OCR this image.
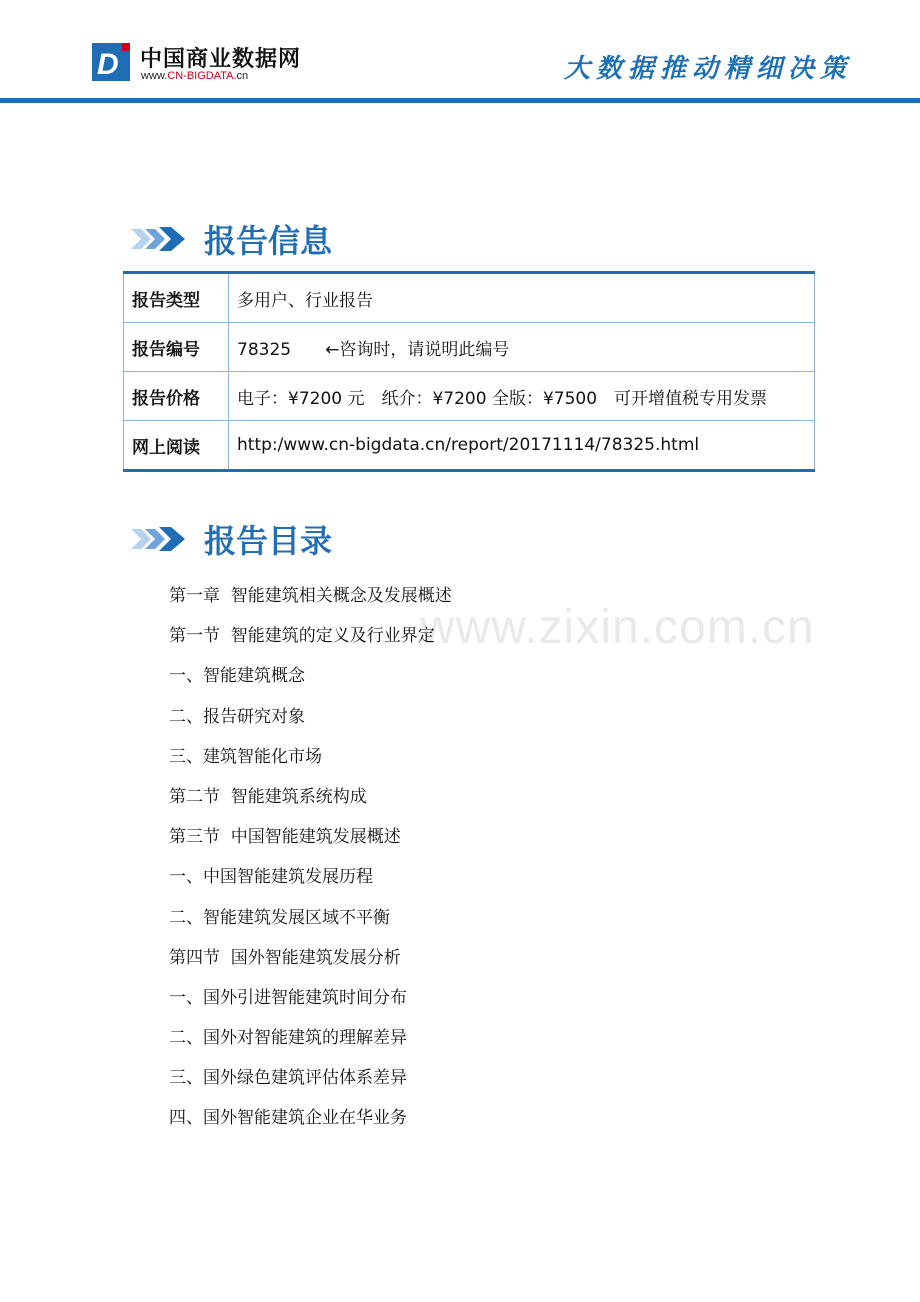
D 中国商业数据网
www.CN-BIGDATA.cn	大数据推动精细决策
www.zixin.com.cn
报告信息
报告类型	多用户、行业报告
报告编号	78325　　←咨询时，请说明此编号
报告价格	电子：¥7200 元　纸介：¥7200 全版：¥7500　可开增值税专用发票
网上阅读	http:/www.cn-bigdata.cn/report/20171114/78325.html
报告目录
第一章  智能建筑相关概念及发展概述
第一节  智能建筑的定义及行业界定
一、智能建筑概念
二、报告研究对象
三、建筑智能化市场
第二节  智能建筑系统构成
第三节  中国智能建筑发展概述
一、中国智能建筑发展历程
二、智能建筑发展区域不平衡
第四节  国外智能建筑发展分析
一、国外引进智能建筑时间分布
二、国外对智能建筑的理解差异
三、国外绿色建筑评估体系差异
四、国外智能建筑企业在华业务
